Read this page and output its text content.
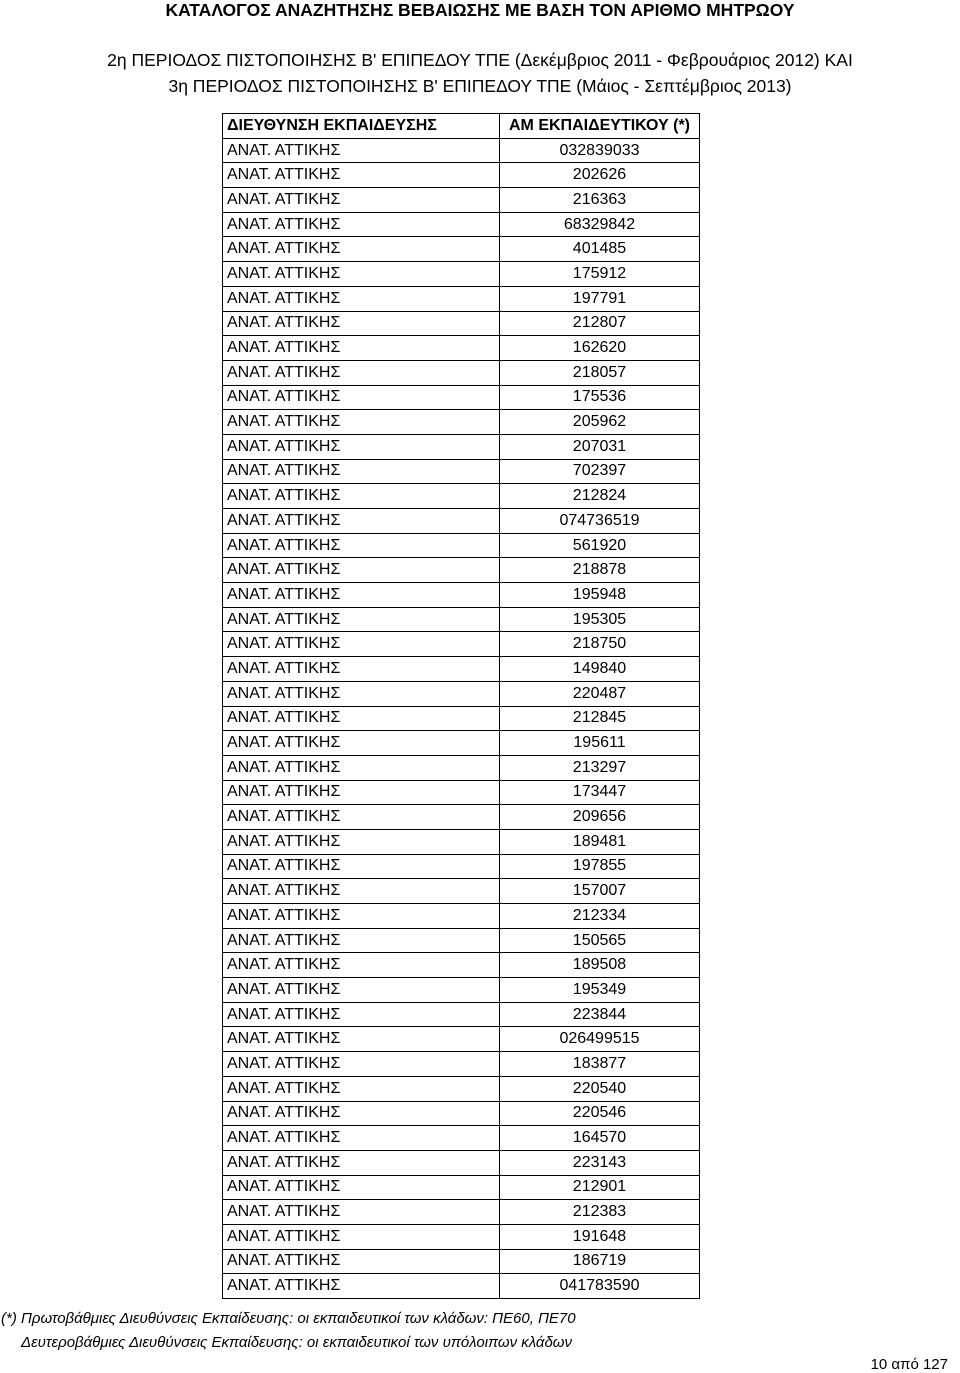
ΚΑΤΑΛΟΓΟΣ ΑΝΑΖΗΤΗΣΗΣ ΒΕΒΑΙΩΣΗΣ ΜΕ ΒΑΣΗ ΤΟΝ ΑΡΙΘΜΟ ΜΗΤΡΩΟΥ
2η ΠΕΡΙΟΔΟΣ ΠΙΣΤΟΠΟΙΗΣΗΣ Β' ΕΠΙΠΕΔΟΥ ΤΠΕ (Δεκέμβριος 2011 - Φεβρουάριος 2012) ΚΑΙ
3η ΠΕΡΙΟΔΟΣ ΠΙΣΤΟΠΟΙΗΣΗΣ Β' ΕΠΙΠΕΔΟΥ ΤΠΕ (Μάιος - Σεπτέμβριος 2013)
ΔΙΕΥΘΥΝΣΗ ΕΚΠΑΙΔΕΥΣΗΣ	ΑΜ ΕΚΠΑΙΔΕΥΤΙΚΟΥ (*)
ΑΝΑΤ. ΑΤΤΙΚΗΣ	032839033
ΑΝΑΤ. ΑΤΤΙΚΗΣ	202626
ΑΝΑΤ. ΑΤΤΙΚΗΣ	216363
ΑΝΑΤ. ΑΤΤΙΚΗΣ	68329842
ΑΝΑΤ. ΑΤΤΙΚΗΣ	401485
ΑΝΑΤ. ΑΤΤΙΚΗΣ	175912
ΑΝΑΤ. ΑΤΤΙΚΗΣ	197791
ΑΝΑΤ. ΑΤΤΙΚΗΣ	212807
ΑΝΑΤ. ΑΤΤΙΚΗΣ	162620
ΑΝΑΤ. ΑΤΤΙΚΗΣ	218057
ΑΝΑΤ. ΑΤΤΙΚΗΣ	175536
ΑΝΑΤ. ΑΤΤΙΚΗΣ	205962
ΑΝΑΤ. ΑΤΤΙΚΗΣ	207031
ΑΝΑΤ. ΑΤΤΙΚΗΣ	702397
ΑΝΑΤ. ΑΤΤΙΚΗΣ	212824
ΑΝΑΤ. ΑΤΤΙΚΗΣ	074736519
ΑΝΑΤ. ΑΤΤΙΚΗΣ	561920
ΑΝΑΤ. ΑΤΤΙΚΗΣ	218878
ΑΝΑΤ. ΑΤΤΙΚΗΣ	195948
ΑΝΑΤ. ΑΤΤΙΚΗΣ	195305
ΑΝΑΤ. ΑΤΤΙΚΗΣ	218750
ΑΝΑΤ. ΑΤΤΙΚΗΣ	149840
ΑΝΑΤ. ΑΤΤΙΚΗΣ	220487
ΑΝΑΤ. ΑΤΤΙΚΗΣ	212845
ΑΝΑΤ. ΑΤΤΙΚΗΣ	195611
ΑΝΑΤ. ΑΤΤΙΚΗΣ	213297
ΑΝΑΤ. ΑΤΤΙΚΗΣ	173447
ΑΝΑΤ. ΑΤΤΙΚΗΣ	209656
ΑΝΑΤ. ΑΤΤΙΚΗΣ	189481
ΑΝΑΤ. ΑΤΤΙΚΗΣ	197855
ΑΝΑΤ. ΑΤΤΙΚΗΣ	157007
ΑΝΑΤ. ΑΤΤΙΚΗΣ	212334
ΑΝΑΤ. ΑΤΤΙΚΗΣ	150565
ΑΝΑΤ. ΑΤΤΙΚΗΣ	189508
ΑΝΑΤ. ΑΤΤΙΚΗΣ	195349
ΑΝΑΤ. ΑΤΤΙΚΗΣ	223844
ΑΝΑΤ. ΑΤΤΙΚΗΣ	026499515
ΑΝΑΤ. ΑΤΤΙΚΗΣ	183877
ΑΝΑΤ. ΑΤΤΙΚΗΣ	220540
ΑΝΑΤ. ΑΤΤΙΚΗΣ	220546
ΑΝΑΤ. ΑΤΤΙΚΗΣ	164570
ΑΝΑΤ. ΑΤΤΙΚΗΣ	223143
ΑΝΑΤ. ΑΤΤΙΚΗΣ	212901
ΑΝΑΤ. ΑΤΤΙΚΗΣ	212383
ΑΝΑΤ. ΑΤΤΙΚΗΣ	191648
ΑΝΑΤ. ΑΤΤΙΚΗΣ	186719
ΑΝΑΤ. ΑΤΤΙΚΗΣ	041783590
(*) Πρωτοβάθμιες Διευθύνσεις Εκπαίδευσης: οι εκπαιδευτικοί των κλάδων: ΠΕ60, ΠΕ70
Δευτεροβάθμιες Διευθύνσεις Εκπαίδευσης: οι εκπαιδευτικοί των υπόλοιπων κλάδων
10 από 127
